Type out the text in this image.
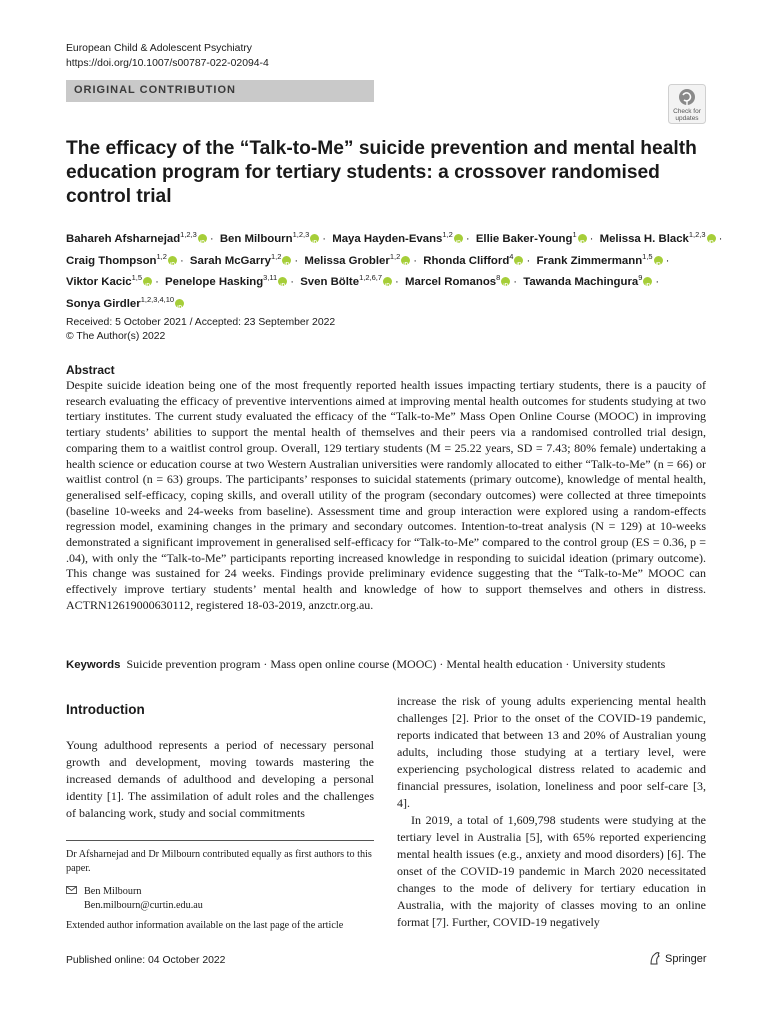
European Child & Adolescent Psychiatry
https://doi.org/10.1007/s00787-022-02094-4
ORIGINAL CONTRIBUTION
Check for
updates
The efficacy of the “Talk-to-Me” suicide prevention and mental health education program for tertiary students: a crossover randomised control trial
Bahareh Afsharnejad$^{1,2,3}$ iD · Ben Milbourn$^{1,2,3}$ iD · Maya Hayden-Evans$^{1,2}$ iD · Ellie Baker-Young$^1$ iD · Melissa H. Black$^{1,2,3}$ iD · Craig Thompson$^{1,2}$ iD · Sarah McGarry$^{1,2}$ iD · Melissa Grobler$^{1,2}$ iD · Rhonda Clifford$^4$ iD · Frank Zimmermann$^{1,5}$ iD · Viktor Kacic$^{1,5}$ iD · Penelope Hasking$^{3,11}$ iD · Sven Bölte$^{1,2,6,7}$ iD · Marcel Romanos$^8$ iD · Tawanda Machingura$^9$ iD · Sonya Girdler$^{1,2,3,4,10}$iD
Received: 5 October 2021 / Accepted: 23 September 2022
© The Author(s) 2022
Abstract
Despite suicide ideation being one of the most frequently reported health issues impacting tertiary students, there is a paucity of research evaluating the efficacy of preventive interventions aimed at improving mental health outcomes for students studying at two tertiary institutes. The current study evaluated the efficacy of the “Talk-to-Me” Mass Open Online Course (MOOC) in improving tertiary students’ abilities to support the mental health of themselves and their peers via a randomised controlled trial design, comparing them to a waitlist control group. Overall, 129 tertiary students (M = 25.22 years, SD = 7.43; 80% female) undertaking a health science or education course at two Western Australian universities were randomly allocated to either “Talk-to-Me” (n = 66) or waitlist control (n = 63) groups. The participants’ responses to suicidal statements (primary outcome), knowledge of mental health, generalised self-efficacy, coping skills, and overall utility of the program (secondary outcomes) were collected at three timepoints (baseline 10-weeks and 24-weeks from baseline). Assessment time and group interaction were explored using a random-effects regression model, examining changes in the primary and secondary outcomes. Intention-to-treat analysis (N = 129) at 10-weeks demonstrated a significant improvement in generalised self-efficacy for “Talk-to-Me” compared to the control group (ES = 0.36, p = .04), with only the “Talk-to-Me” participants reporting increased knowledge in responding to suicidal ideation (primary outcome). This change was sustained for 24 weeks. Findings provide preliminary evidence suggesting that the “Talk-to-Me” MOOC can effectively improve tertiary students’ mental health and knowledge of how to support themselves and others in distress. ACTRN12619000630112, registered 18-03-2019, anzctr.org.au.
Keywords Suicide prevention program · Mass open online course (MOOC) · Mental health education · University students
Introduction
Young adulthood represents a period of necessary personal growth and development, moving towards mastering the increased demands of adulthood and developing a personal identity [1]. The assimilation of adult roles and the challenges of balancing work, study and social commitments
Dr Afsharnejad and Dr Milbourn contributed equally as first authors to this paper.
Ben Milbourn
Ben.milbourn@curtin.edu.au
Extended author information available on the last page of the article

increase the risk of young adults experiencing mental health challenges [2]. Prior to the onset of the COVID-19 pandemic, reports indicated that between 13 and 20% of Australian young adults, including those studying at a tertiary level, were experiencing psychological distress related to academic and financial pressures, isolation, loneliness and poor self-care [3, 4].

In 2019, a total of 1,609,798 students were studying at the tertiary level in Australia [5], with 65% reported experiencing mental health issues (e.g., anxiety and mood disorders) [6]. The onset of the COVID-19 pandemic in March 2020 necessitated changes to the mode of delivery for tertiary education in Australia, with the majority of classes moving to an online format [7]. Further, COVID-19 negatively

Published online: 04 October 2022	Springer
